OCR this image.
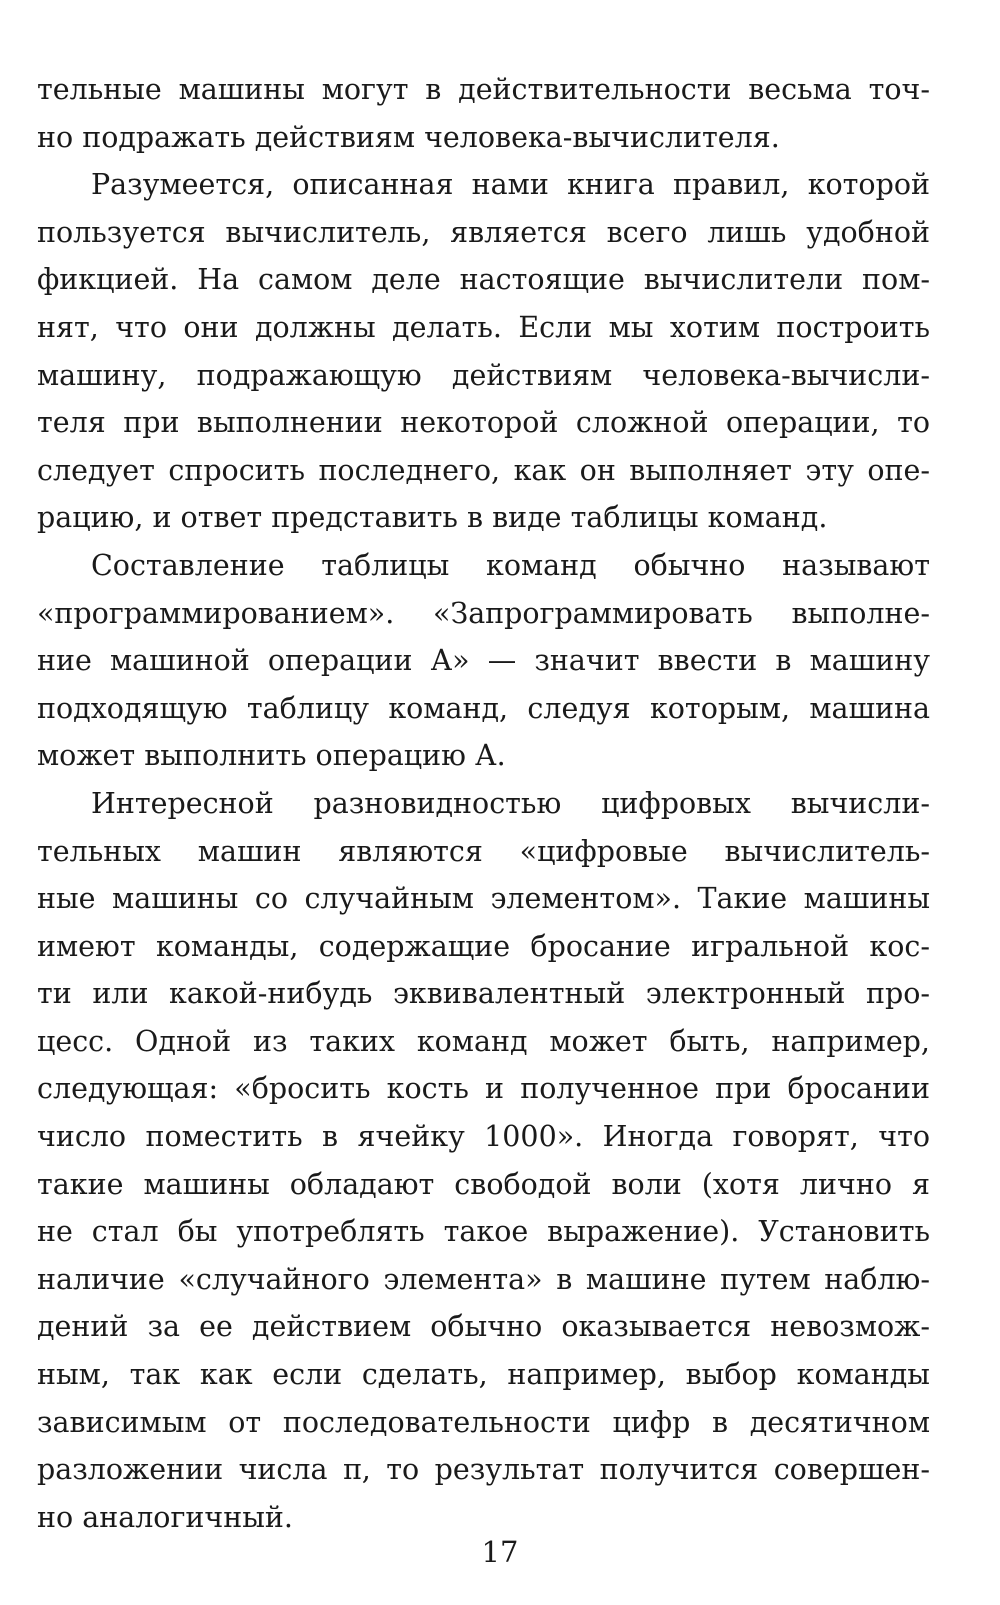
тельные машины могут в действительности весьма точ-
но подражать действиям человека-вычислителя.
Разумеется, описанная нами книга правил, которой
пользуется вычислитель, является всего лишь удобной
фикцией. На самом деле настоящие вычислители пом-
нят, что они должны делать. Если мы хотим построить
машину, подражающую действиям человека-вычисли-
теля при выполнении некоторой сложной операции, то
следует спросить последнего, как он выполняет эту опе-
рацию, и ответ представить в виде таблицы команд.
Составление таблицы команд обычно называют
«программированием». «Запрограммировать выполне-
ние машиной операции А» — значит ввести в машину
подходящую таблицу команд, следуя которым, машина
может выполнить операцию А.
Интересной разновидностью цифровых вычисли-
тельных машин являются «цифровые вычислитель-
ные машины со случайным элементом». Такие машины
имеют команды, содержащие бросание игральной кос-
ти или какой-нибудь эквивалентный электронный про-
цесс. Одной из таких команд может быть, например,
следующая: «бросить кость и полученное при бросании
число поместить в ячейку 1000». Иногда говорят, что
такие машины обладают свободой воли (хотя лично я
не стал бы употреблять такое выражение). Установить
наличие «случайного элемента» в машине путем наблю-
дений за ее действием обычно оказывается невозмож-
ным, так как если сделать, например, выбор команды
зависимым от последовательности цифр в десятичном
разложении числа π, то результат получится совершен-
но аналогичный.
17
